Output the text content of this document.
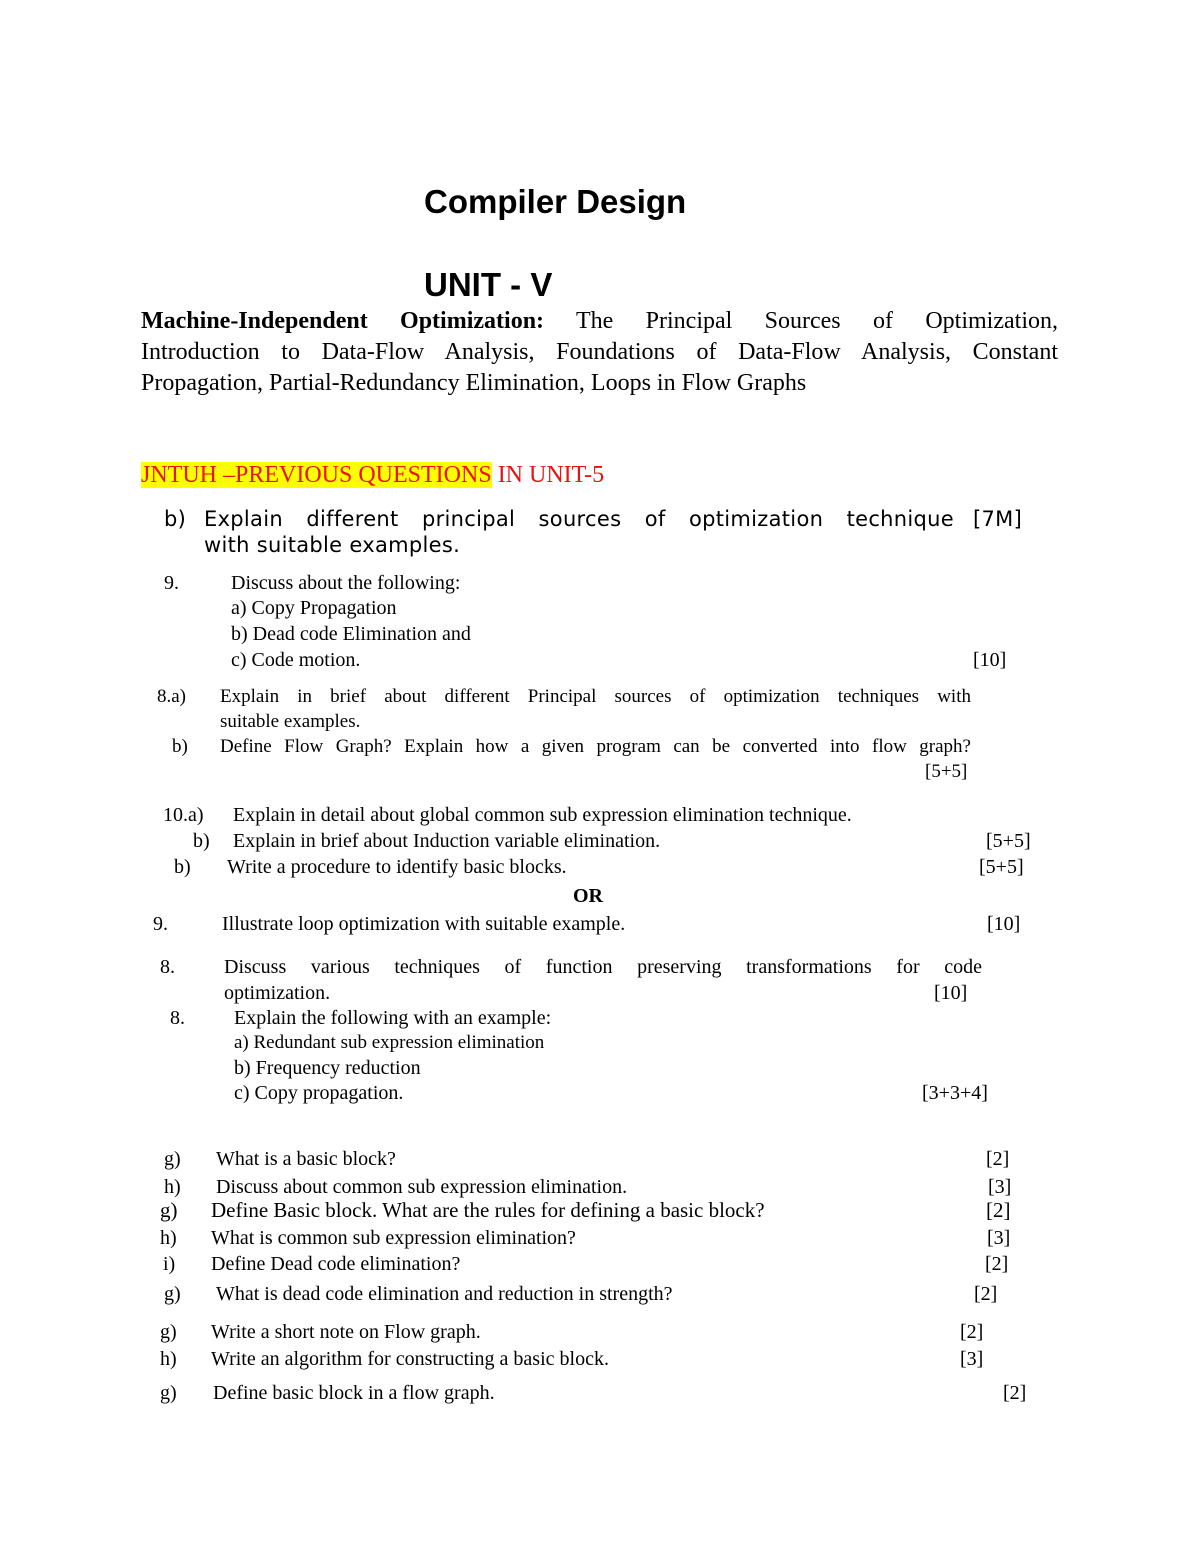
Compiler Design
UNIT - V
Machine-Independent Optimization: The Principal Sources of Optimization,
Introduction to Data-Flow Analysis, Foundations of Data-Flow Analysis, Constant
Propagation, Partial-Redundancy Elimination, Loops in Flow Graphs
JNTUH –PREVIOUS QUESTIONS IN UNIT-5
b) Explain different principal sources of optimization technique
with suitable examples.
[7M]
9.	Discuss about the following:
a) Copy Propagation
b) Dead code Elimination and
c) Code motion.	[10]
8.a) Explain in brief about different Principal sources of optimization techniques with
suitable examples.
b) Define Flow Graph? Explain how a given program can be converted into flow graph?
[5+5]
10.a) Explain in detail about global common sub expression elimination technique.
b) Explain in brief about Induction variable elimination.	[5+5]
b) Write a procedure to identify basic blocks.	[5+5]
OR
9.	Illustrate loop optimization with suitable example.	[10]
8. Discuss various techniques of function preserving transformations for code
optimization.	[10]
8. Explain the following with an example:
a) Redundant sub expression elimination
b) Frequency reduction
c) Copy propagation.	[3+3+4]
g) What is a basic block?	[2]
h) Discuss about common sub expression elimination.	[3]
g) Define Basic block. What are the rules for defining a basic block?	[2]
h) What is common sub expression elimination?	[3]
i) Define Dead code elimination?	[2]
g) What is dead code elimination and reduction in strength?	[2]
g) Write a short note on Flow graph.	[2]
h) Write an algorithm for constructing a basic block.	[3]
g) Define basic block in a flow graph.	[2]
